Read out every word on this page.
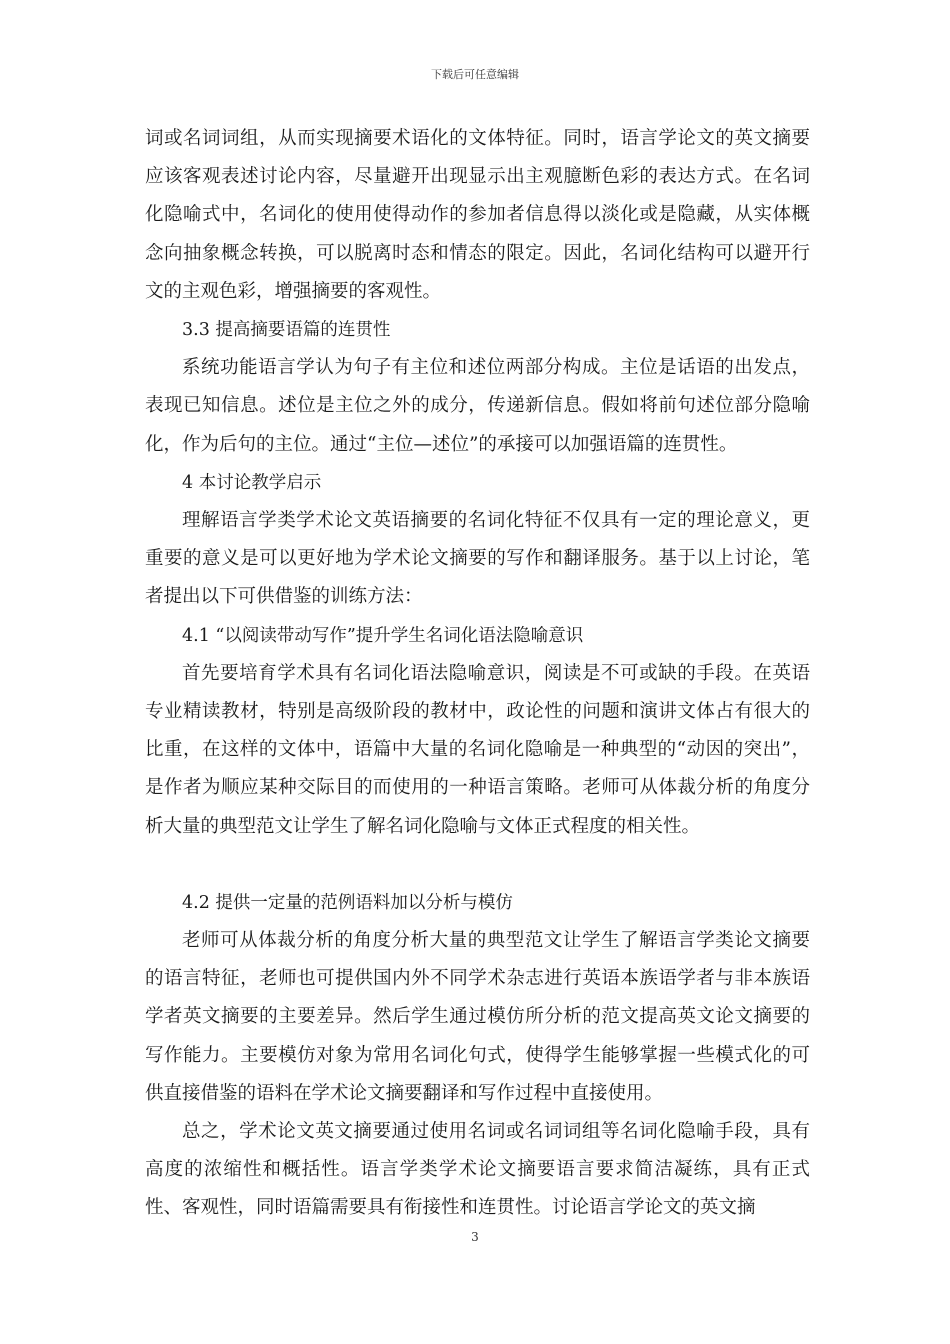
下载后可任意编辑

词或名词词组，从而实现摘要术语化的文体特征。同时，语言学论文的英文摘要应该客观表述讨论内容，尽量避开出现显示出主观臆断色彩的表达方式。在名词化隐喻式中，名词化的使用使得动作的参加者信息得以淡化或是隐藏，从实体概念向抽象概念转换，可以脱离时态和情态的限定。因此，名词化结构可以避开行文的主观色彩，增强摘要的客观性。

3.3 提高摘要语篇的连贯性

系统功能语言学认为句子有主位和述位两部分构成。主位是话语的出发点，表现已知信息。述位是主位之外的成分，传递新信息。假如将前句述位部分隐喻化，作为后句的主位。通过“主位—述位”的承接可以加强语篇的连贯性。

4 本讨论教学启示

理解语言学类学术论文英语摘要的名词化特征不仅具有一定的理论意义，更重要的意义是可以更好地为学术论文摘要的写作和翻译服务。基于以上讨论，笔者提出以下可供借鉴的训练方法：

4.1 “以阅读带动写作”提升学生名词化语法隐喻意识

首先要培育学术具有名词化语法隐喻意识，阅读是不可或缺的手段。在英语专业精读教材，特别是高级阶段的教材中，政论性的问题和演讲文体占有很大的比重，在这样的文体中，语篇中大量的名词化隐喻是一种典型的“动因的突出”，是作者为顺应某种交际目的而使用的一种语言策略。老师可从体裁分析的角度分析大量的典型范文让学生了解名词化隐喻与文体正式程度的相关性。

4.2 提供一定量的范例语料加以分析与模仿

老师可从体裁分析的角度分析大量的典型范文让学生了解语言学类论文摘要的语言特征，老师也可提供国内外不同学术杂志进行英语本族语学者与非本族语学者英文摘要的主要差异。然后学生通过模仿所分析的范文提高英文论文摘要的写作能力。主要模仿对象为常用名词化句式，使得学生能够掌握一些模式化的可供直接借鉴的语料在学术论文摘要翻译和写作过程中直接使用。

总之，学术论文英文摘要通过使用名词或名词词组等名词化隐喻手段，具有高度的浓缩性和概括性。语言学类学术论文摘要语言要求简洁凝练，具有正式性、客观性，同时语篇需要具有衔接性和连贯性。讨论语言学论文的英文摘

3
